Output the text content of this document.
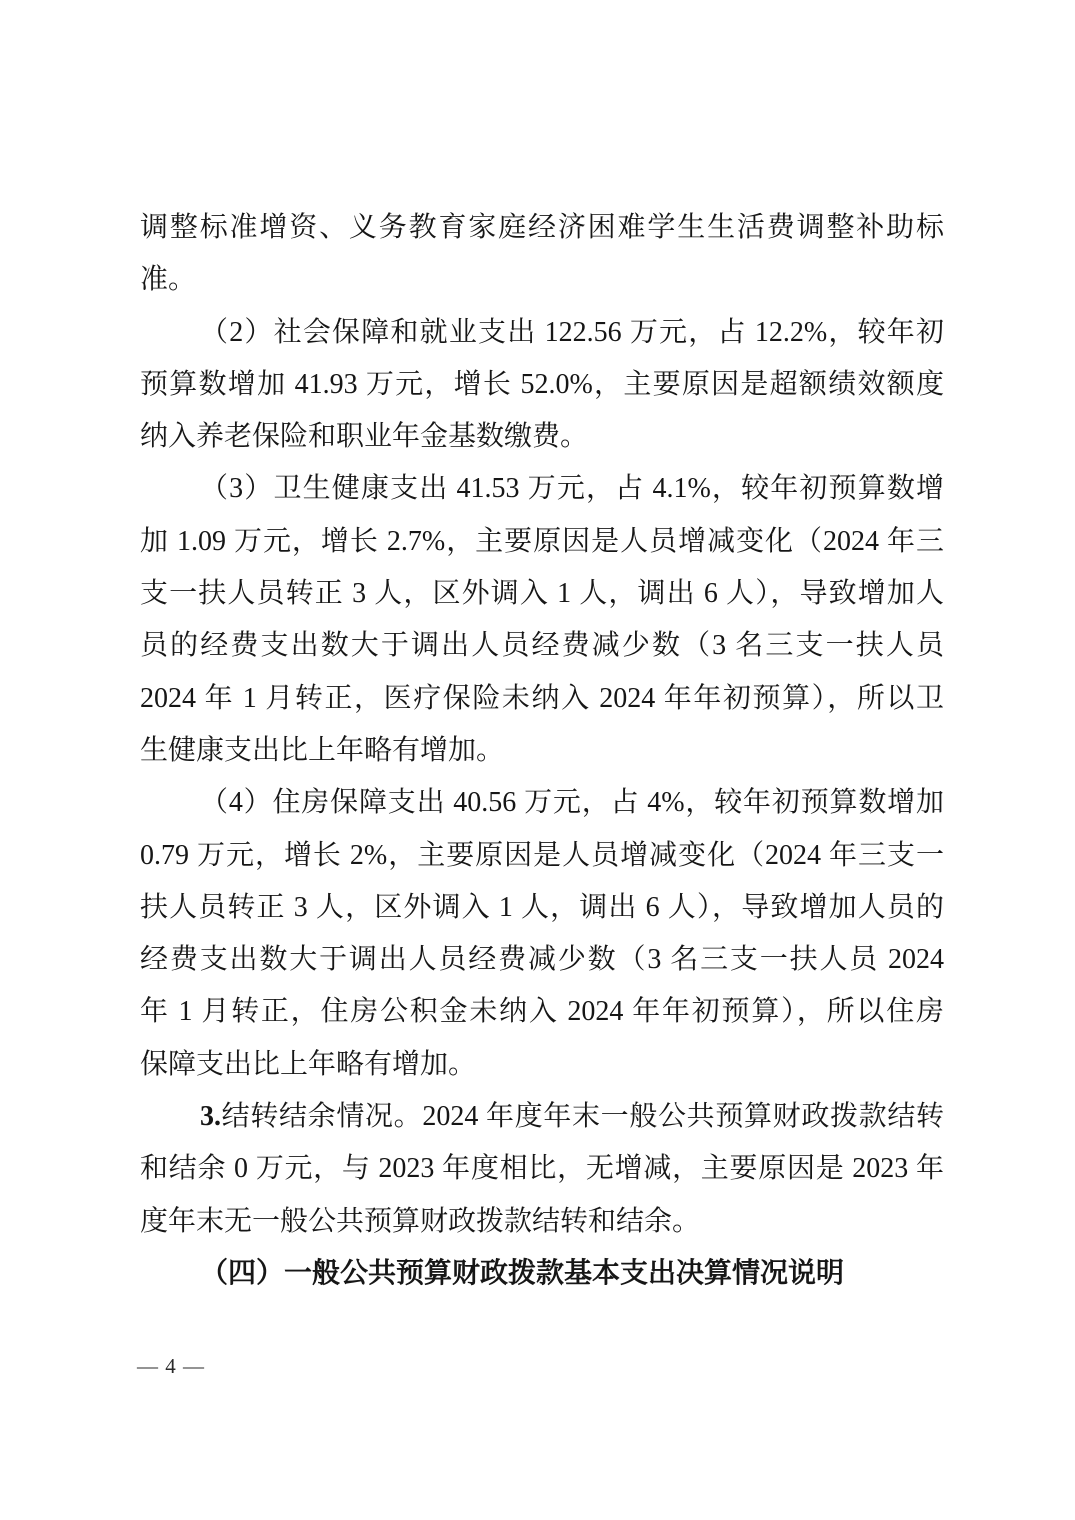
调整标准增资、义务教育家庭经济困难学生生活费调整补助标
准。
（2）社会保障和就业支出 122.56 万元，占 12.2%，较年初
预算数增加 41.93 万元，增长 52.0%，主要原因是超额绩效额度
纳入养老保险和职业年金基数缴费。
（3）卫生健康支出 41.53 万元，占 4.1%，较年初预算数增
加 1.09 万元，增长 2.7%，主要原因是人员增减变化（2024 年三
支一扶人员转正 3 人，区外调入 1 人，调出 6 人），导致增加人
员的经费支出数大于调出人员经费减少数（3 名三支一扶人员
2024 年 1 月转正，医疗保险未纳入 2024 年年初预算），所以卫
生健康支出比上年略有增加。
（4）住房保障支出 40.56 万元，占 4%，较年初预算数增加
0.79 万元，增长 2%，主要原因是人员增减变化（2024 年三支一
扶人员转正 3 人，区外调入 1 人，调出 6 人），导致增加人员的
经费支出数大于调出人员经费减少数（3 名三支一扶人员 2024
年 1 月转正，住房公积金未纳入 2024 年年初预算），所以住房
保障支出比上年略有增加。
3.结转结余情况。2024 年度年末一般公共预算财政拨款结转
和结余 0 万元，与 2023 年度相比，无增减，主要原因是 2023 年
度年末无一般公共预算财政拨款结转和结余。
（四）一般公共预算财政拨款基本支出决算情况说明
— 4 —
